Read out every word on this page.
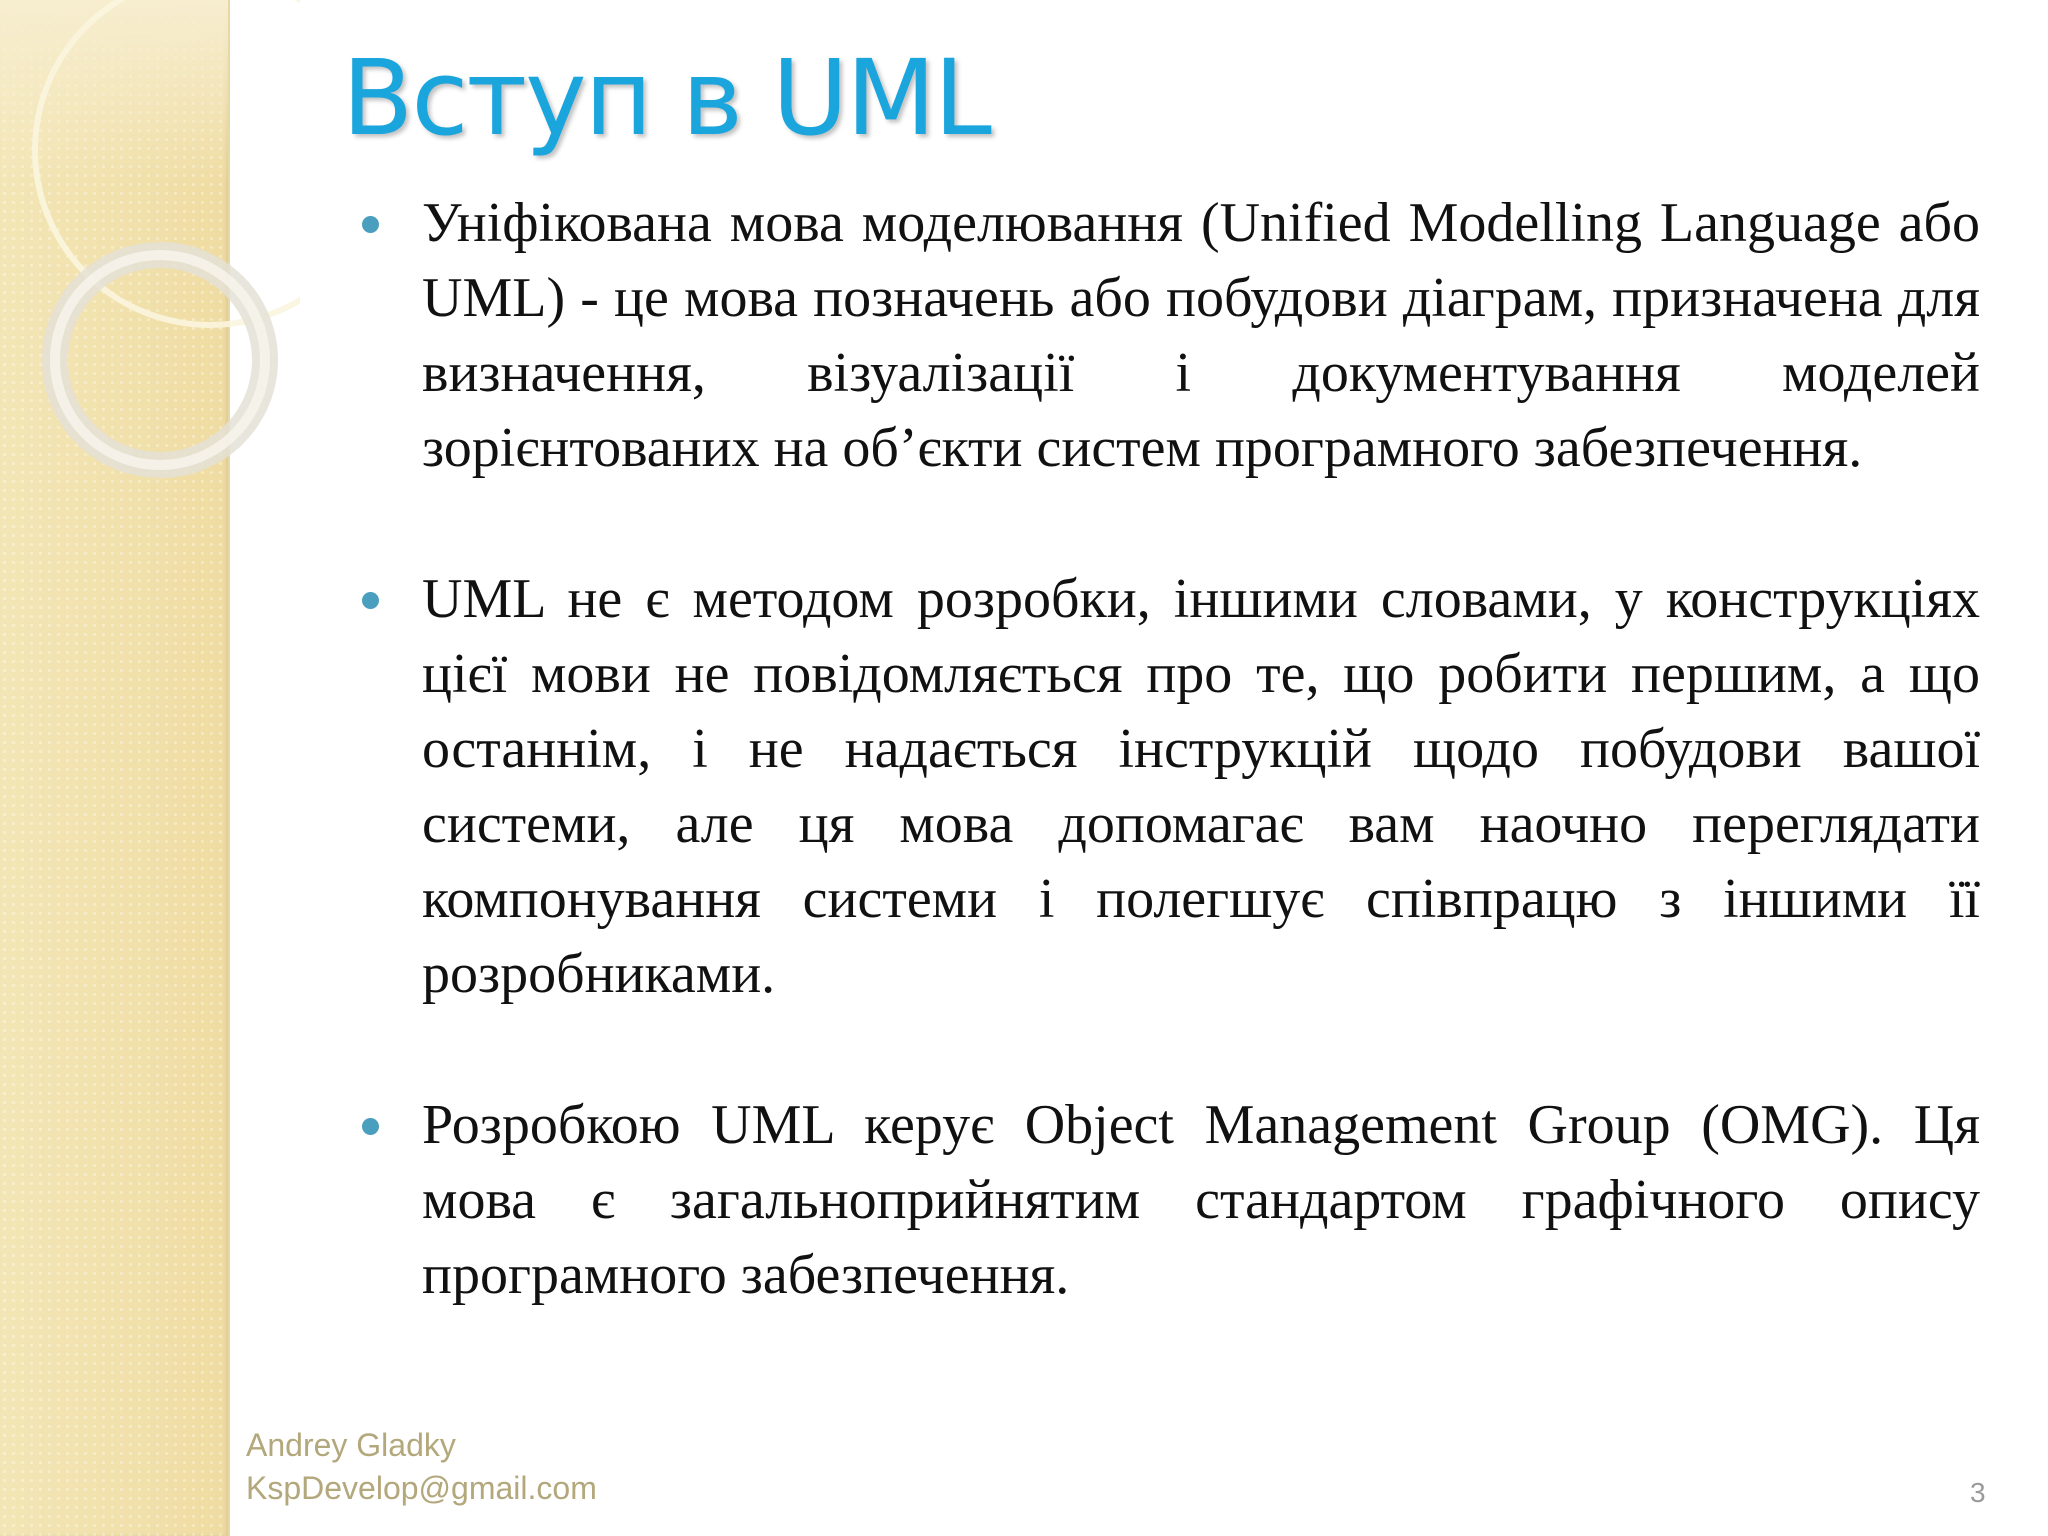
Вступ в UML
Уніфікована мова моделювання (Unified Modelling Language або UML) - це мова позначень або побудови діаграм, призначена для визначення, візуалізації і документування моделей зорієнтованих на об’єкти систем програмного забезпечення.
UML не є методом розробки, іншими словами, у конструкціях цієї мови не повідомляється про те, що робити першим, а що останнім, і не надається інструкцій щодо побудови вашої системи, але ця мова допомагає вам наочно переглядати компонування системи і полегшує співпрацю з іншими її розробниками.
Розробкою UML керує Object Management Group (OMG). Ця мова є загальноприйнятим стандартом графічного опису програмного забезпечення.
Andrey Gladky
KspDevelop@gmail.com	3
